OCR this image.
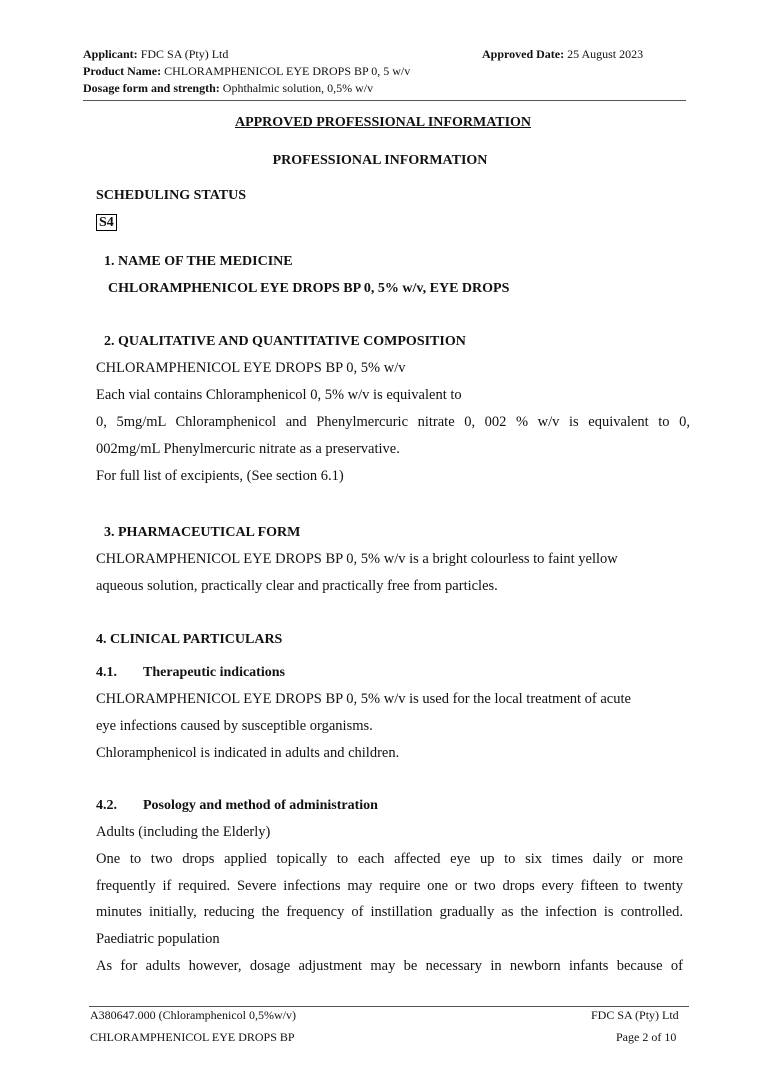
Applicant: FDC SA (Pty) Ltd	Approved Date: 25 August 2023
Product Name: CHLORAMPHENICOL EYE DROPS BP 0, 5 w/v
Dosage form and strength: Ophthalmic solution, 0,5% w/v
APPROVED PROFESSIONAL INFORMATION
PROFESSIONAL INFORMATION
SCHEDULING STATUS
S4
1. NAME OF THE MEDICINE
CHLORAMPHENICOL EYE DROPS BP 0, 5% w/v, EYE DROPS
2. QUALITATIVE AND QUANTITATIVE COMPOSITION
CHLORAMPHENICOL EYE DROPS BP 0, 5% w/v
Each vial contains Chloramphenicol 0, 5% w/v is equivalent to
0, 5mg/mL Chloramphenicol and Phenylmercuric nitrate 0, 002 % w/v is equivalent to 0,
002mg/mL Phenylmercuric nitrate as a preservative.
For full list of excipients, (See section 6.1)
3. PHARMACEUTICAL FORM
CHLORAMPHENICOL EYE DROPS BP 0, 5% w/v is a bright colourless to faint yellow
aqueous solution, practically clear and practically free from particles.
4. CLINICAL PARTICULARS
4.1. Therapeutic indications
CHLORAMPHENICOL EYE DROPS BP 0, 5% w/v is used for the local treatment of acute
eye infections caused by susceptible organisms.
Chloramphenicol is indicated in adults and children.
4.2. Posology and method of administration
Adults (including the Elderly)
One to two drops applied topically to each affected eye up to six times daily or more
frequently if required. Severe infections may require one or two drops every fifteen to twenty
minutes initially, reducing the frequency of instillation gradually as the infection is controlled.
Paediatric population
As for adults however, dosage adjustment may be necessary in newborn infants because of
A380647.000 (Chloramphenicol 0,5%w/v)	FDC SA (Pty) Ltd
CHLORAMPHENICOL EYE DROPS BP	Page 2 of 10
